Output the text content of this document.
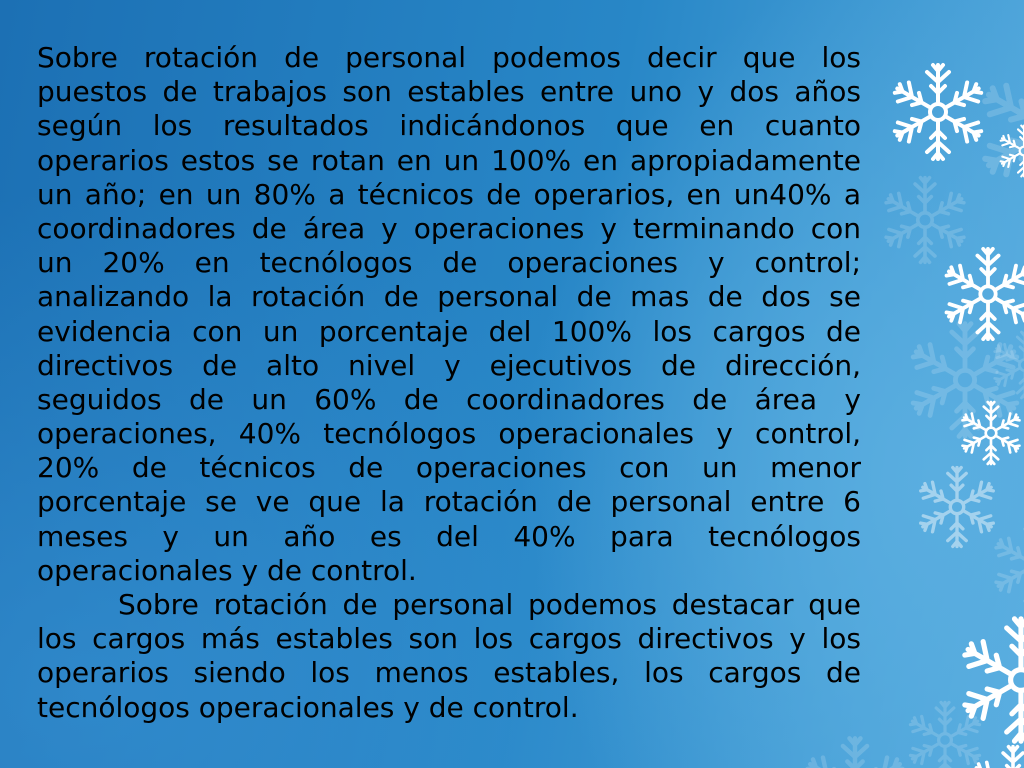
Sobre rotación de personal podemos decir que los
puestos de trabajos son estables entre uno y dos años
según los resultados indicándonos que en cuanto
operarios estos se rotan en un 100% en apropiadamente
un año; en un 80% a técnicos de operarios, en un40% a
coordinadores de área y operaciones y terminando con
un 20% en tecnólogos de operaciones y control;
analizando la rotación de personal de mas de dos se
evidencia con un porcentaje del 100% los cargos de
directivos de alto nivel y ejecutivos de dirección,
seguidos de un 60% de coordinadores de área y
operaciones, 40% tecnólogos operacionales y control,
20% de técnicos de operaciones con un menor
porcentaje se ve que la rotación de personal entre 6
meses y un año es del 40% para tecnólogos
operacionales y de control.
Sobre rotación de personal podemos destacar que
los cargos más estables son los cargos directivos y los
operarios siendo los menos estables, los cargos de
tecnólogos operacionales y de control.
